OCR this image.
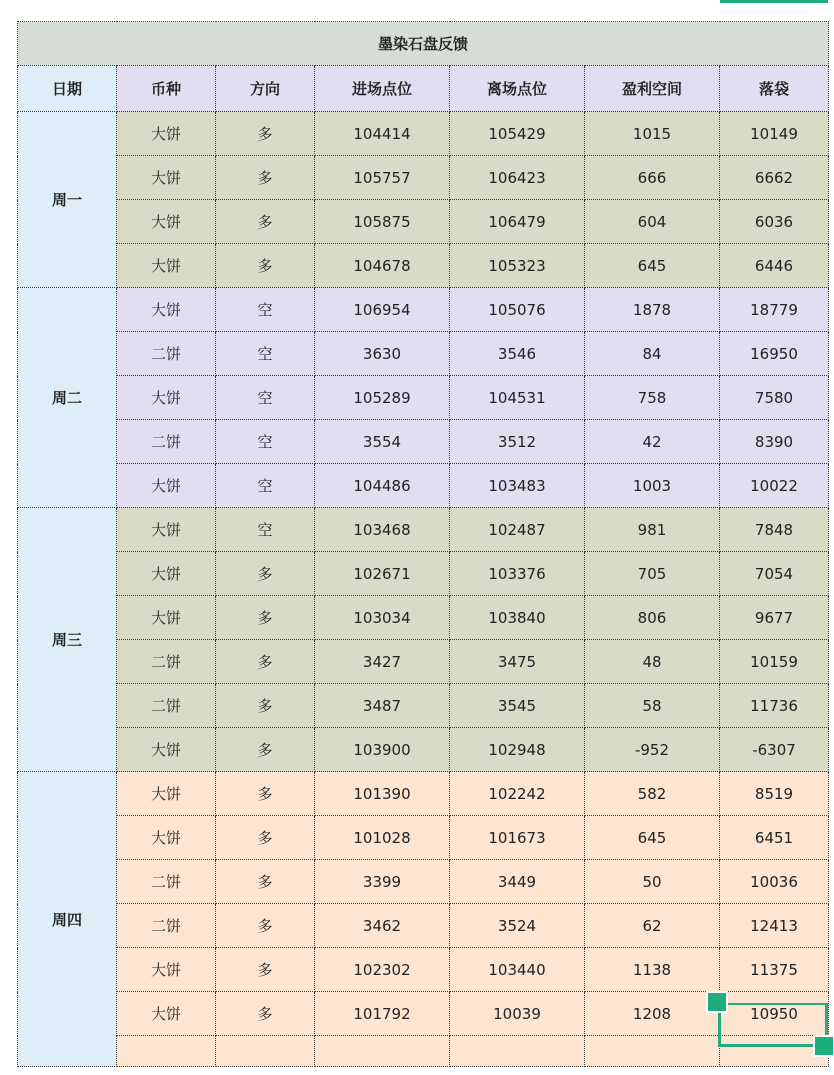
墨染石盘反馈						
日期	币种	方向	进场点位	离场点位	盈利空间	落袋
周一	大饼	多	104414	105429	1015	10149
	大饼	多	105757	106423	666	6662
	大饼	多	105875	106479	604	6036
	大饼	多	104678	105323	645	6446
周二	大饼	空	106954	105076	1878	18779
	二饼	空	3630	3546	84	16950
	大饼	空	105289	104531	758	7580
	二饼	空	3554	3512	42	8390
	大饼	空	104486	103483	1003	10022
周三	大饼	空	103468	102487	981	7848
	大饼	多	102671	103376	705	7054
	大饼	多	103034	103840	806	9677
	二饼	多	3427	3475	48	10159
	二饼	多	3487	3545	58	11736
	大饼	多	103900	102948	-952	-6307
周四	大饼	多	101390	102242	582	8519
	大饼	多	101028	101673	645	6451
	二饼	多	3399	3449	50	10036
	二饼	多	3462	3524	62	12413
	大饼	多	102302	103440	1138	11375
	大饼	多	101792	10039	1208	10950
